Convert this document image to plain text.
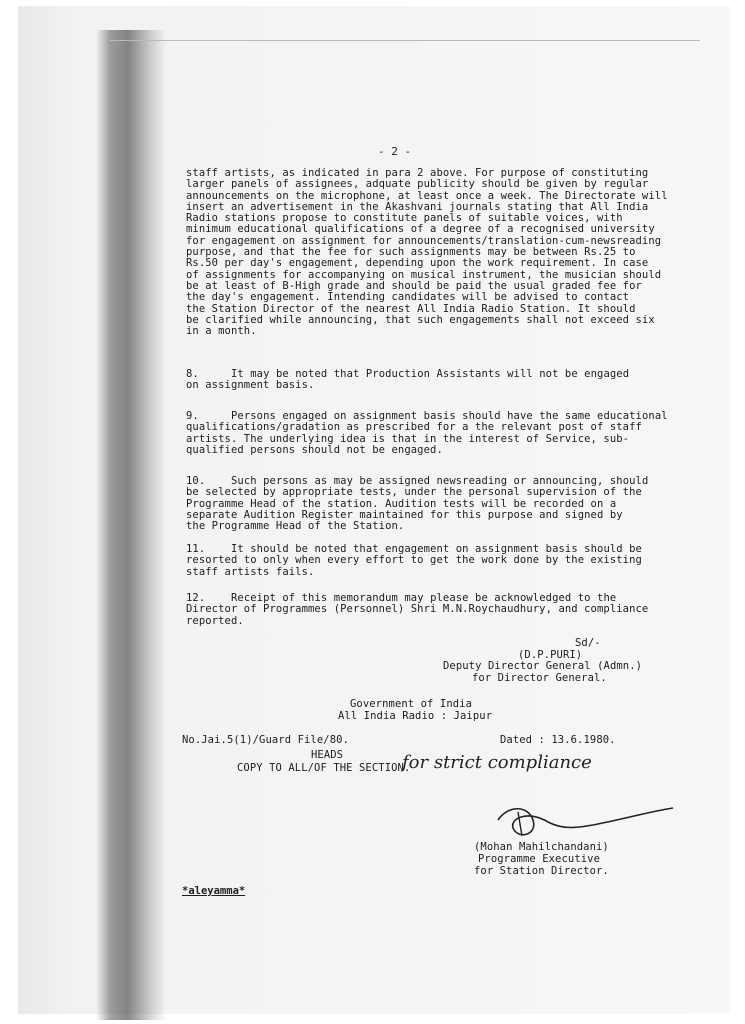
- 2 -
staff artists, as indicated in para 2 above. For purpose of constituting
larger panels of assignees, adquate publicity should be given by regular
announcements on the microphone, at least once a week. The Directorate will
insert an advertisement in the Akashvani journals stating that All India
Radio stations propose to constitute panels of suitable voices, with
minimum educational qualifications of a degree of a recognised university
for engagement on assignment for announcements/translation-cum-newsreading
purpose, and that the fee for such assignments may be between Rs.25 to
Rs.50 per day's engagement, depending upon the work requirement. In case
of assignments for accompanying on musical instrument, the musician should
be at least of B-High grade and should be paid the usual graded fee for
the day's engagement. Intending candidates will be advised to contact
the Station Director of the nearest All India Radio Station. It should
be clarified while announcing, that such engagements shall not exceed six
in a month.
8.	It may be noted that Production Assistants will not be engaged
on assignment basis.
9.	Persons engaged on assignment basis should have the same educational
qualifications/gradation as prescribed for a the relevant post of staff
artists. The underlying idea is that in the interest of Service, sub-
qualified persons should not be engaged.
10. Such persons as may be assigned newsreading or announcing, should
be selected by appropriate tests, under the personal supervision of the
Programme Head of the station. Audition tests will be recorded on a
separate Audition Register maintained for this purpose and signed by
the Programme Head of the Station.
11. It should be noted that engagement on assignment basis should be
resorted to only when every effort to get the work done by the existing
staff artists fails.
12. Receipt of this memorandum may please be acknowledged to the
Director of Programmes (Personnel) Shri M.N.Roychaudhury, and compliance
reported.
Sd/-
(D.P.PURI)
Deputy Director General (Admn.)
for Director General.
Government of India
All India Radio : Jaipur
No.Jai.5(1)/Guard File/80.	Dated : 13.6.1980.
HEADS
COPY TO ALL/OF THE SECTION.
for strict compliance
(Mohan Mahilchandani)
Programme Executive
for Station Director.
*aleyamma*
